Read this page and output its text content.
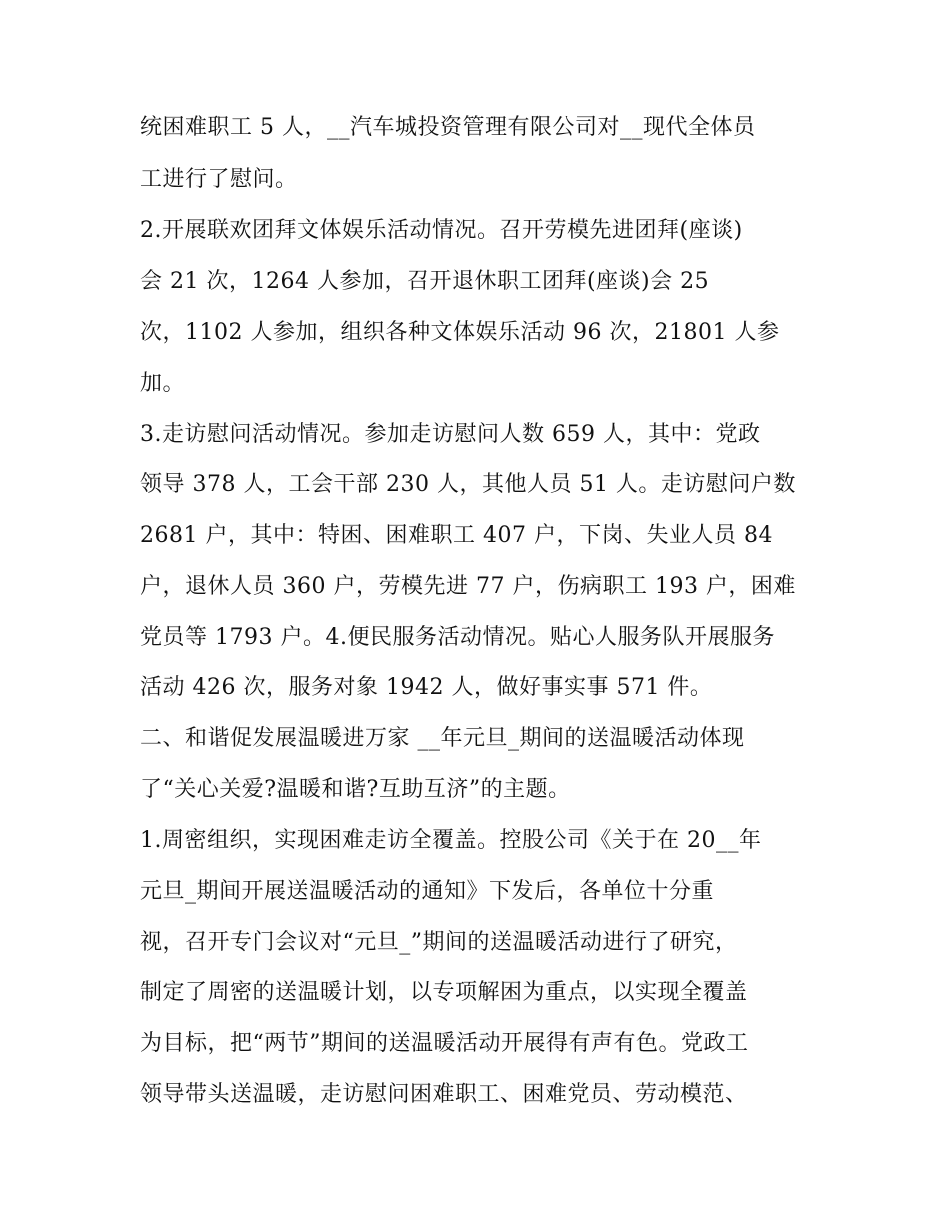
统困难职工 5 人，__汽车城投资管理有限公司对__现代全体员
工进行了慰问。
2.开展联欢团拜文体娱乐活动情况。召开劳模先进团拜(座谈)
会 21 次，1264 人参加，召开退休职工团拜(座谈)会 25
次，1102 人参加，组织各种文体娱乐活动 96 次，21801 人参
加。
3.走访慰问活动情况。参加走访慰问人数 659 人，其中：党政
领导 378 人，工会干部 230 人，其他人员 51 人。走访慰问户数
2681 户，其中：特困、困难职工 407 户，下岗、失业人员 84
户，退休人员 360 户，劳模先进 77 户，伤病职工 193 户，困难
党员等 1793 户。4.便民服务活动情况。贴心人服务队开展服务
活动 426 次，服务对象 1942 人，做好事实事 571 件。
二、和谐促发展温暖进万家 __年元旦_期间的送温暖活动体现
了“关心关爱?温暖和谐?互助互济”的主题。
1.周密组织，实现困难走访全覆盖。控股公司《关于在 20__年
元旦_期间开展送温暖活动的通知》下发后，各单位十分重
视，召开专门会议对“元旦_”期间的送温暖活动进行了研究，
制定了周密的送温暖计划，以专项解困为重点，以实现全覆盖
为目标，把“两节”期间的送温暖活动开展得有声有色。党政工
领导带头送温暖，走访慰问困难职工、困难党员、劳动模范、
